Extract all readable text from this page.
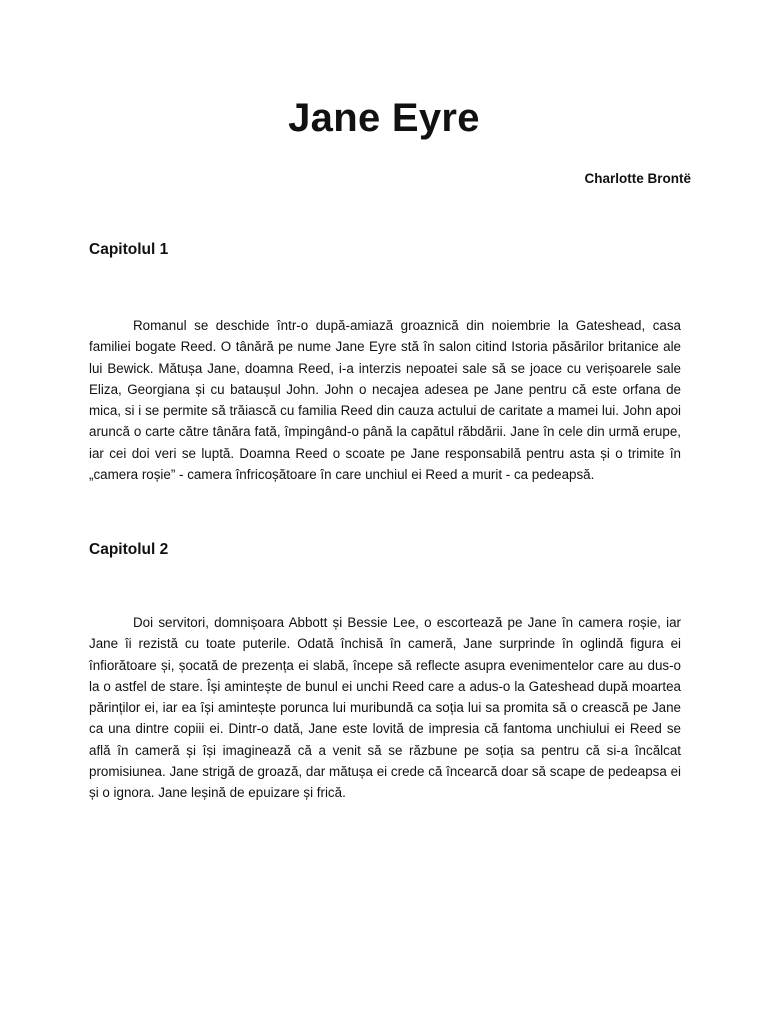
Jane Eyre

Charlotte Brontë

Capitolul 1

Romanul se deschide într-o după-amiază groaznică din noiembrie la Gateshead, casa familiei bogate Reed. O tânără pe nume Jane Eyre stă în salon citind Istoria păsărilor britanice ale lui Bewick. Mătușa Jane, doamna Reed, i-a interzis nepoatei sale să se joace cu verișoarele sale Eliza, Georgiana și cu bataușul John. John o necajea adesea pe Jane pentru că este orfana de mica, si i se permite să trăiască cu familia Reed din cauza actului de caritate a mamei lui. John apoi aruncă o carte către tânăra fată, împingând-o până la capătul răbdării. Jane în cele din urmă erupe, iar cei doi veri se luptă. Doamna Reed o scoate pe Jane responsabilă pentru asta și o trimite în „camera roșie” - camera înfricoșătoare în care unchiul ei Reed a murit - ca pedeapsă.

Capitolul 2

Doi servitori, domnișoara Abbott și Bessie Lee, o escortează pe Jane în camera roșie, iar Jane îi rezistă cu toate puterile. Odată închisă în cameră, Jane surprinde în oglindă figura ei înfiorătoare și, șocată de prezența ei slabă, începe să reflecte asupra evenimentelor care au dus-o la o astfel de stare. Își amintește de bunul ei unchi Reed care a adus-o la Gateshead după moartea părinților ei, iar ea își amintește porunca lui muribundă ca soția lui sa promita să o crească pe Jane ca una dintre copiii ei. Dintr-o dată, Jane este lovită de impresia că fantoma unchiului ei Reed se află în cameră și își imaginează că a venit să se răzbune pe soția sa pentru că si-a încălcat promisiunea. Jane strigă de groază, dar mătușa ei crede că încearcă doar să scape de pedeapsa ei și o ignora. Jane leșină de epuizare și frică.
